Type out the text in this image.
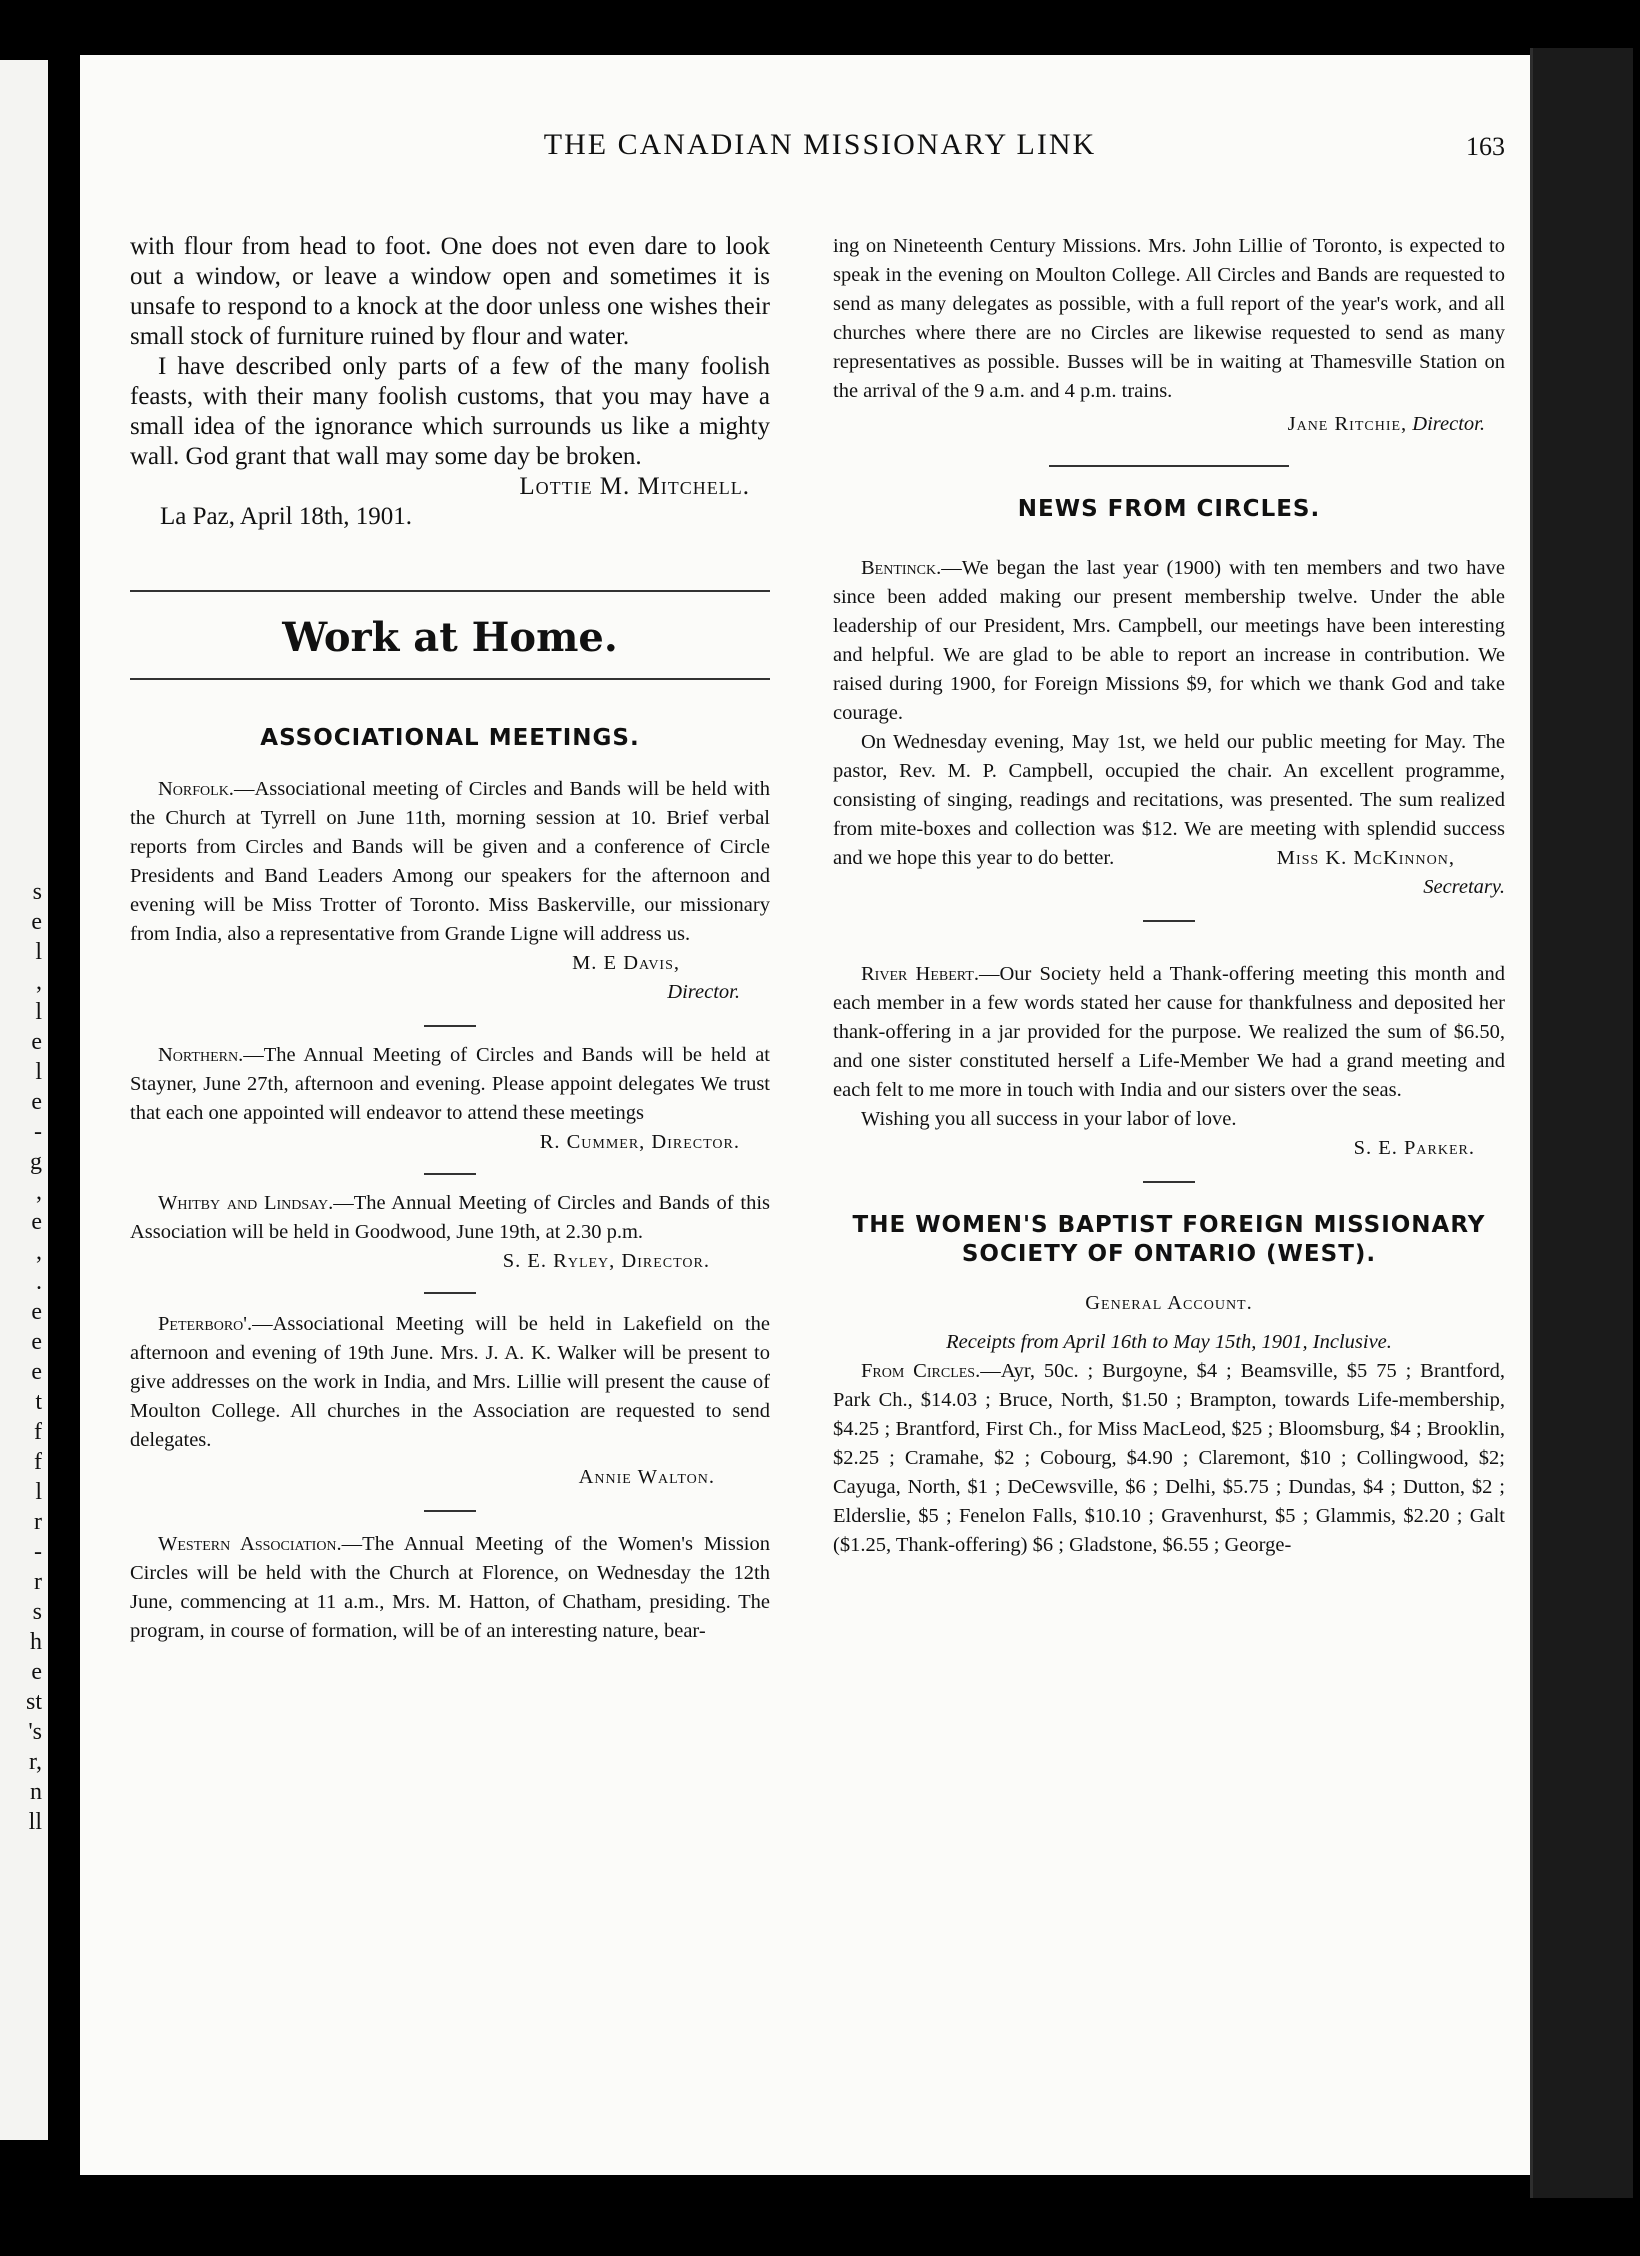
s
e
l
,
l
e
l
e
-
g
,
e
,
.
e
e
e
t
f
f
l
r
-
r
s
h
e
st
's
r,
n
ll
THE CANADIAN MISSIONARY LINK	163

with flour from head to foot. One does not even dare to look out a window, or leave a window open and sometimes it is unsafe to respond to a knock at the door unless one wishes their small stock of furniture ruined by flour and water.

I have described only parts of a few of the many foolish feasts, with their many foolish customs, that you may have a small idea of the ignorance which surrounds us like a mighty wall. God grant that wall may some day be broken.

Lottie M. Mitchell.
La Paz, April 18th, 1901.
Work at Home.
ASSOCIATIONAL MEETINGS.

Norfolk.—Associational meeting of Circles and Bands will be held with the Church at Tyrrell on June 11th, morning session at 10. Brief verbal reports from Circles and Bands will be given and a conference of Circle Presidents and Band Leaders Among our speakers for the afternoon and evening will be Miss Trotter of Toronto. Miss Baskerville, our missionary from India, also a representative from Grande Ligne will address us.

M. E Davis,
Director.

Northern.—The Annual Meeting of Circles and Bands will be held at Stayner, June 27th, afternoon and evening. Please appoint delegates We trust that each one appointed will endeavor to attend these meetings

R. Cummer, Director.

Whitby and Lindsay.—The Annual Meeting of Circles and Bands of this Association will be held in Goodwood, June 19th, at 2.30 p.m.

S. E. Ryley, Director.

Peterboro'.—Associational Meeting will be held in Lakefield on the afternoon and evening of 19th June. Mrs. J. A. K. Walker will be present to give addresses on the work in India, and Mrs. Lillie will present the cause of Moulton College. All churches in the Association are requested to send delegates.

Annie Walton.

Western Association.—The Annual Meeting of the Women's Mission Circles will be held with the Church at Florence, on Wednesday the 12th June, commencing at 11 a.m., Mrs. M. Hatton, of Chatham, presiding. The program, in course of formation, will be of an interesting nature, bear-

ing on Nineteenth Century Missions. Mrs. John Lillie of Toronto, is expected to speak in the evening on Moulton College. All Circles and Bands are requested to send as many delegates as possible, with a full report of the year's work, and all churches where there are no Circles are likewise requested to send as many representatives as possible. Busses will be in waiting at Thamesville Station on the arrival of the 9 a.m. and 4 p.m. trains.

Jane Ritchie, Director.
NEWS FROM CIRCLES.

Bentinck.—We began the last year (1900) with ten members and two have since been added making our present membership twelve. Under the able leadership of our President, Mrs. Campbell, our meetings have been interesting and helpful. We are glad to be able to report an increase in contribution. We raised during 1900, for Foreign Missions $9, for which we thank God and take courage.

On Wednesday evening, May 1st, we held our public meeting for May. The pastor, Rev. M. P. Campbell, occupied the chair. An excellent programme, consisting of singing, readings and recitations, was presented. The sum realized from mite-boxes and collection was $12. We are meeting with splendid success and we hope this year to do better.	Miss K. McKinnon,
Secretary.

River Hebert.—Our Society held a Thank-offering meeting this month and each member in a few words stated her cause for thankfulness and deposited her thank-offering in a jar provided for the purpose. We realized the sum of $6.50, and one sister constituted herself a Life-Member We had a grand meeting and each felt to me more in touch with India and our sisters over the seas.

Wishing you all success in your labor of love.

S. E. Parker.
THE WOMEN'S BAPTIST FOREIGN MISSIONARY
SOCIETY OF ONTARIO (WEST).
General Account.
Receipts from April 16th to May 15th, 1901, Inclusive.

From Circles.—Ayr, 50c. ; Burgoyne, $4 ; Beamsville, $5 75 ; Brantford, Park Ch., $14.03 ; Bruce, North, $1.50 ; Brampton, towards Life-membership, $4.25 ; Brantford, First Ch., for Miss MacLeod, $25 ; Bloomsburg, $4 ; Brooklin, $2.25 ; Cramahe, $2 ; Cobourg, $4.90 ; Claremont, $10 ; Collingwood, $2; Cayuga, North, $1 ; DeCewsville, $6 ; Delhi, $5.75 ; Dundas, $4 ; Dutton, $2 ; Elderslie, $5 ; Fenelon Falls, $10.10 ; Gravenhurst, $5 ; Glammis, $2.20 ; Galt ($1.25, Thank-offering) $6 ; Gladstone, $6.55 ; George-
